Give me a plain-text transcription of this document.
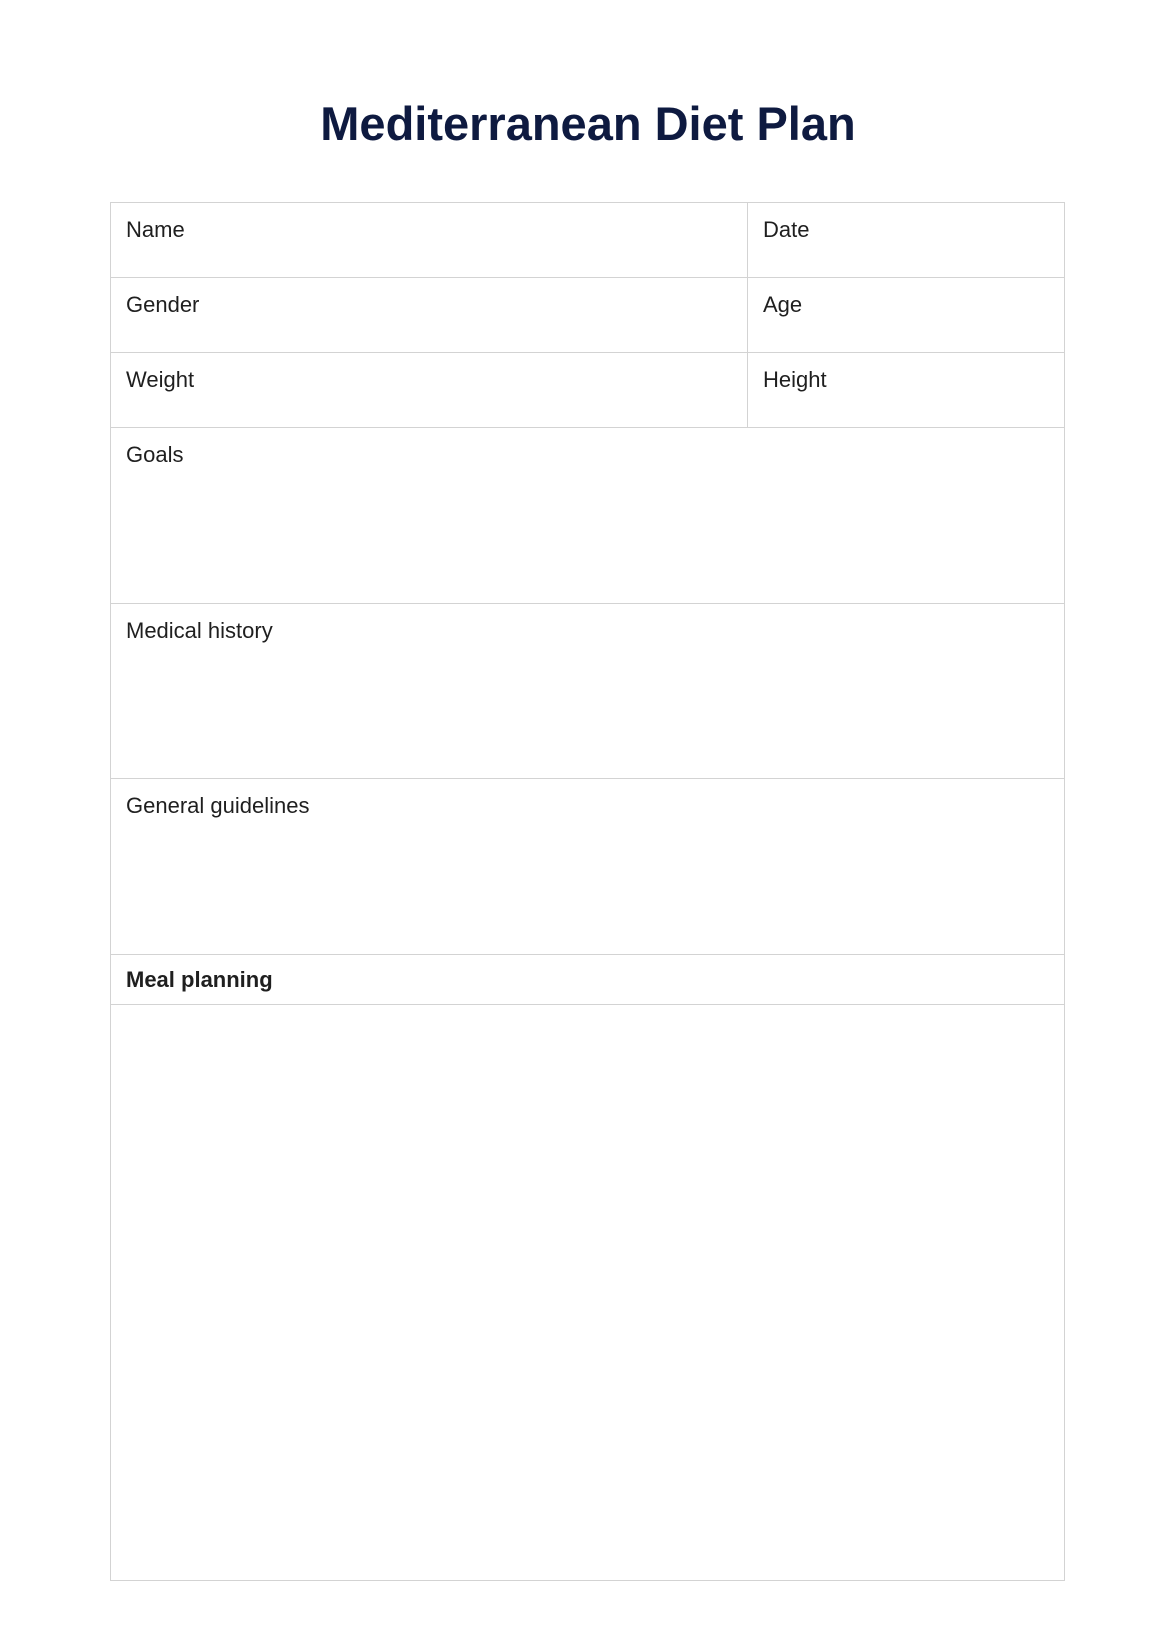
Mediterranean Diet Plan
Name	Date
Gender	Age
Weight	Height
Goals
Medical history
General guidelines
Meal planning
